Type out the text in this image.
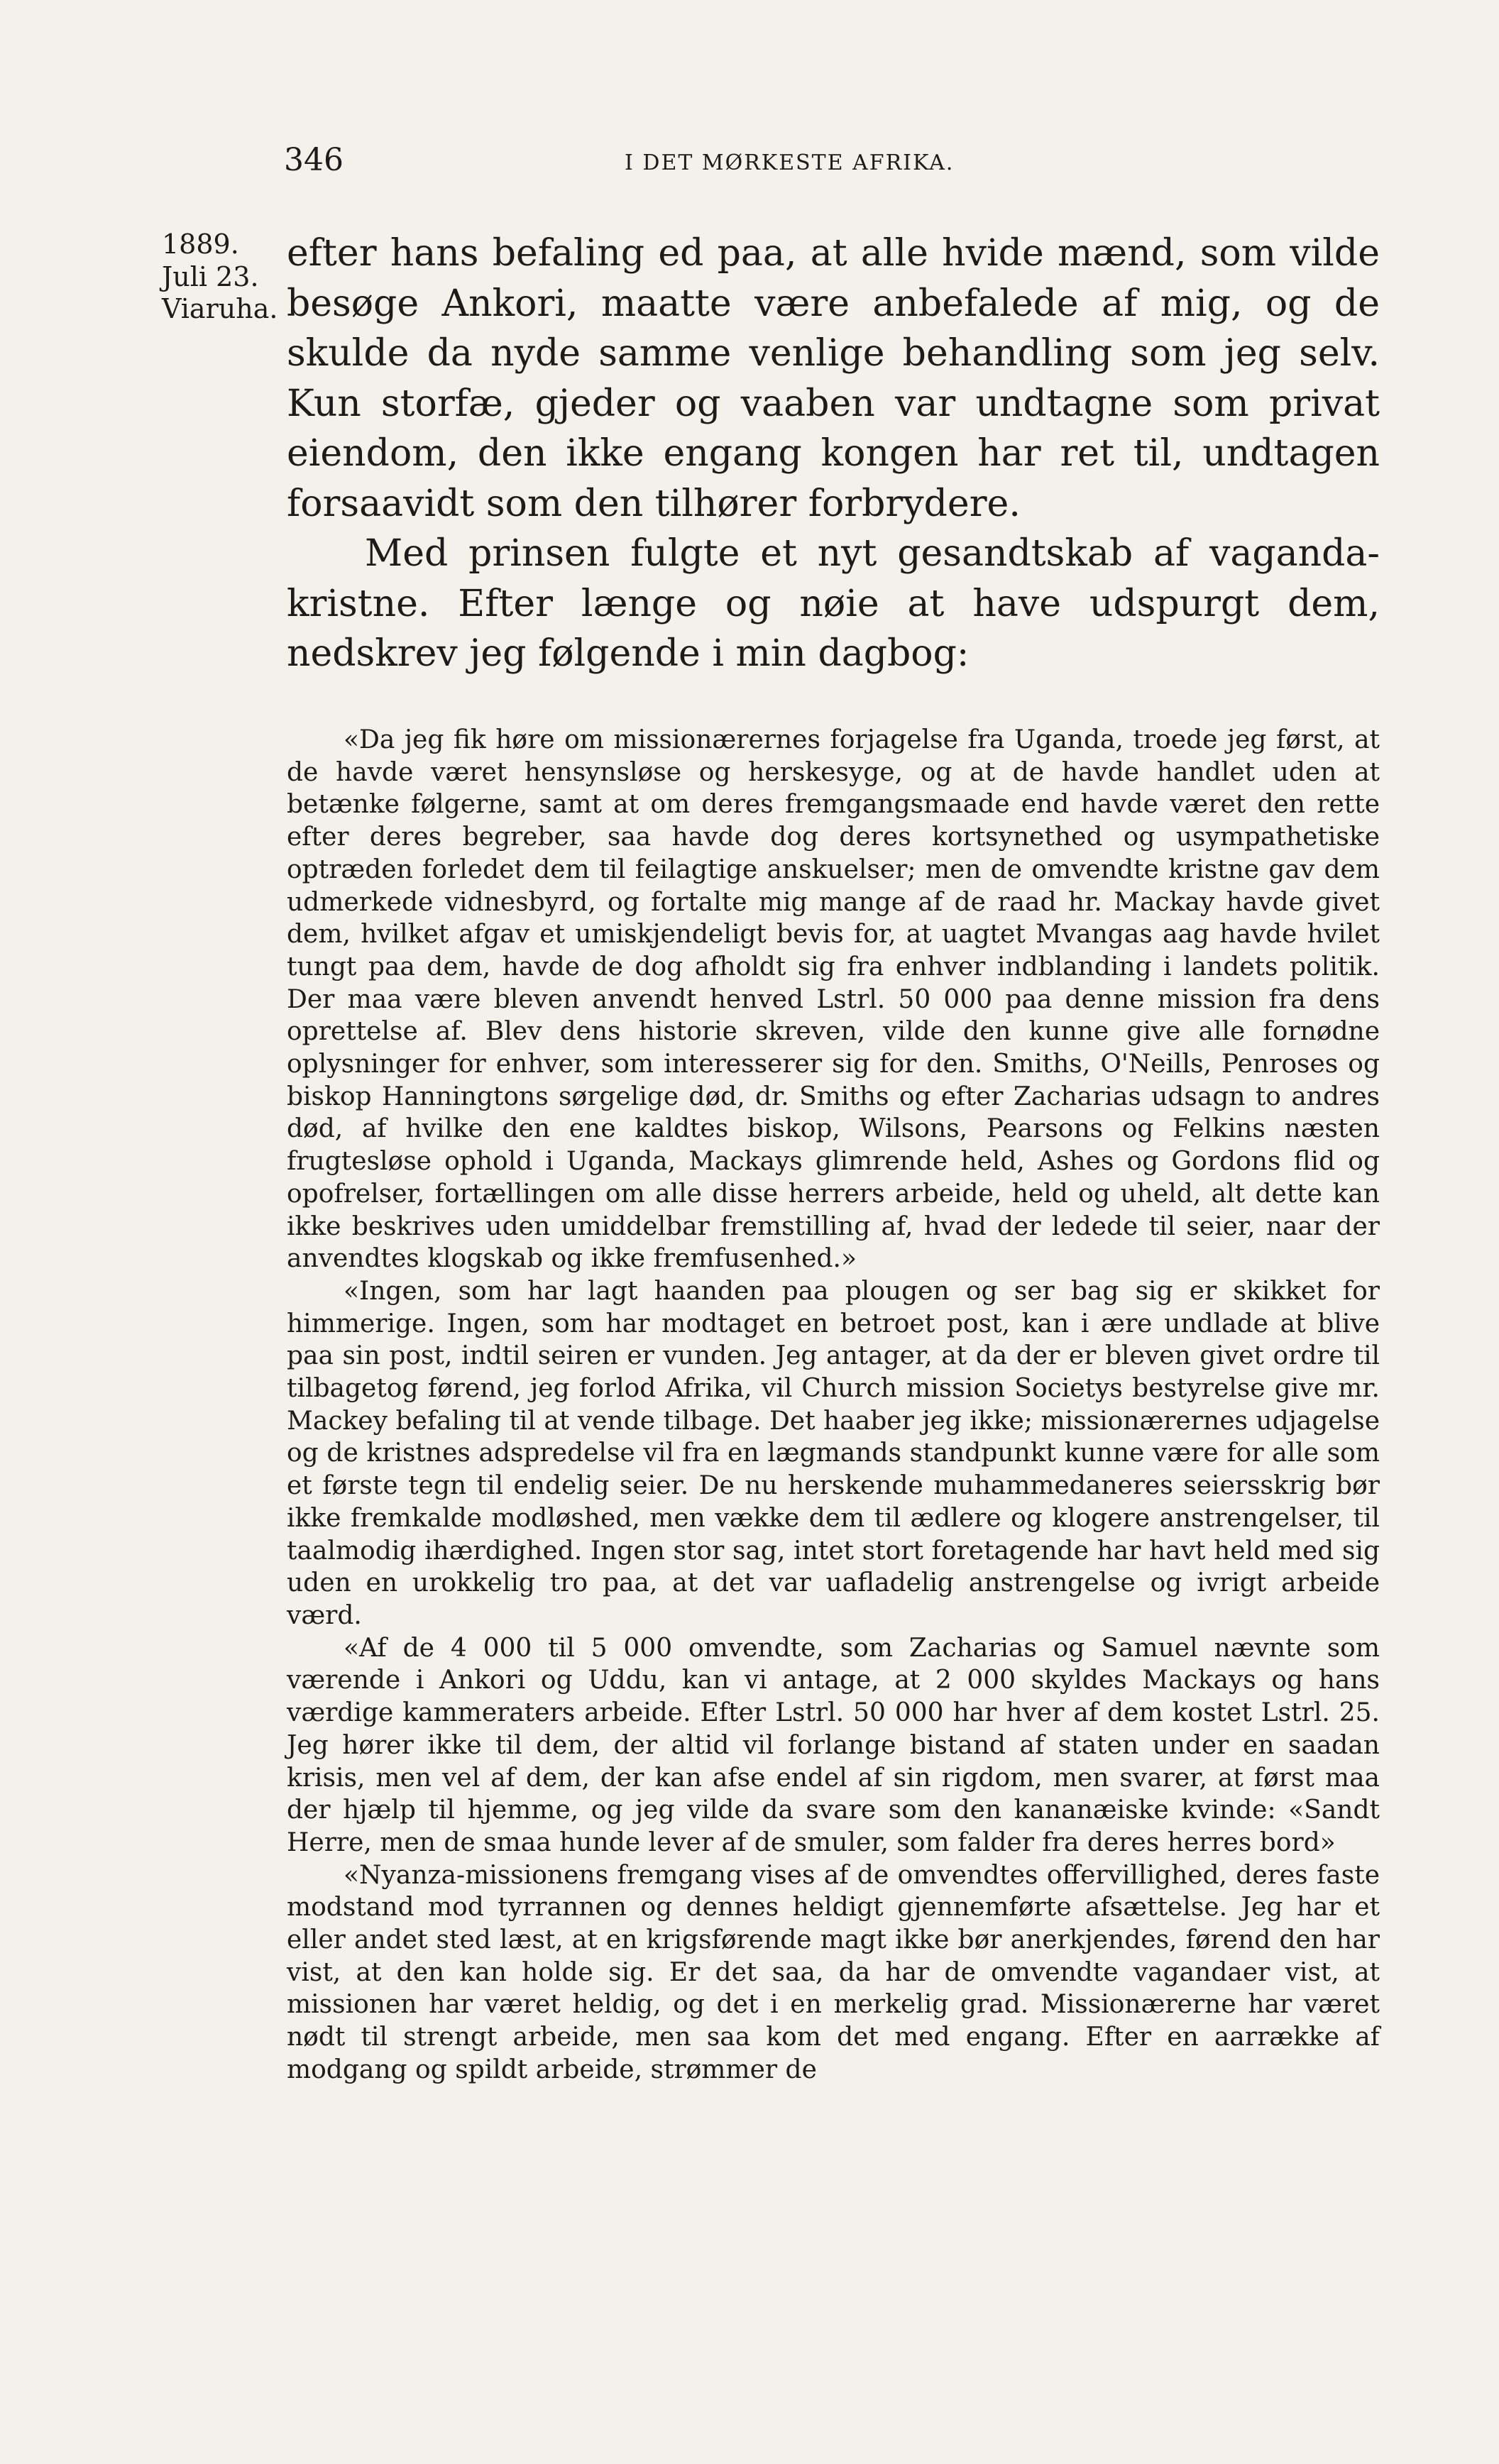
346	I DET MØRKESTE AFRIKA.
1889.
Juli 23.
Viaruha.

efter hans befaling ed paa, at alle hvide mænd, som vilde besøge Ankori, maatte være anbefalede af mig, og de skulde da nyde samme venlige behandling som jeg selv. Kun storfæ, gjeder og vaaben var undtagne som privat eiendom, den ikke engang kongen har ret til, undtagen forsaavidt som den tilhører forbrydere.

Med prinsen fulgte et nyt gesandtskab af vaganda-kristne. Efter længe og nøie at have udspurgt dem, nedskrev jeg følgende i min dagbog:

«Da jeg fik høre om missionærernes forjagelse fra Uganda, troede jeg først, at de havde været hensynsløse og herskesyge, og at de havde handlet uden at betænke følgerne, samt at om deres fremgangsmaade end havde været den rette efter deres begreber, saa havde dog deres kortsynethed og usympathetiske optræden forledet dem til feilagtige anskuelser; men de omvendte kristne gav dem udmerkede vidnesbyrd, og fortalte mig mange af de raad hr. Mackay havde givet dem, hvilket afgav et umiskjendeligt bevis for, at uagtet Mvangas aag havde hvilet tungt paa dem, havde de dog afholdt sig fra enhver indblanding i landets politik. Der maa være bleven anvendt henved Lstrl. 50 000 paa denne mission fra dens oprettelse af. Blev dens historie skreven, vilde den kunne give alle fornødne oplysninger for enhver, som interesserer sig for den. Smiths, O'Neills, Penroses og biskop Hanningtons sørgelige død, dr. Smiths og efter Zacharias udsagn to andres død, af hvilke den ene kaldtes biskop, Wilsons, Pearsons og Felkins næsten frugtesløse ophold i Uganda, Mackays glimrende held, Ashes og Gordons flid og opofrelser, fortællingen om alle disse herrers arbeide, held og uheld, alt dette kan ikke beskrives uden umiddelbar fremstilling af, hvad der ledede til seier, naar der anvendtes klogskab og ikke fremfusenhed.»

«Ingen, som har lagt haanden paa plougen og ser bag sig er skikket for himmerige. Ingen, som har modtaget en betroet post, kan i ære undlade at blive paa sin post, indtil seiren er vunden. Jeg antager, at da der er bleven givet ordre til tilbagetog førend, jeg forlod Afrika, vil Church mission Societys bestyrelse give mr. Mackey befaling til at vende tilbage. Det haaber jeg ikke; missionærernes udjagelse og de kristnes adspredelse vil fra en lægmands standpunkt kunne være for alle som et første tegn til endelig seier. De nu herskende muhammedaneres seiersskrig bør ikke fremkalde modløshed, men vække dem til ædlere og klogere anstrengelser, til taalmodig ihærdighed. Ingen stor sag, intet stort foretagende har havt held med sig uden en urokkelig tro paa, at det var uafladelig anstrengelse og ivrigt arbeide værd.

«Af de 4 000 til 5 000 omvendte, som Zacharias og Samuel nævnte som værende i Ankori og Uddu, kan vi antage, at 2 000 skyldes Mackays og hans værdige kammeraters arbeide. Efter Lstrl. 50 000 har hver af dem kostet Lstrl. 25. Jeg hører ikke til dem, der altid vil forlange bistand af staten under en saadan krisis, men vel af dem, der kan afse endel af sin rigdom, men svarer, at først maa der hjælp til hjemme, og jeg vilde da svare som den kananæiske kvinde: «Sandt Herre, men de smaa hunde lever af de smuler, som falder fra deres herres bord»

«Nyanza-missionens fremgang vises af de omvendtes offervillighed, deres faste modstand mod tyrrannen og dennes heldigt gjennemførte afsættelse. Jeg har et eller andet sted læst, at en krigsførende magt ikke bør anerkjendes, førend den har vist, at den kan holde sig. Er det saa, da har de omvendte vagandaer vist, at missionen har været heldig, og det i en merkelig grad. Missionærerne har været nødt til strengt arbeide, men saa kom det med engang. Efter en aarrække af modgang og spildt arbeide, strømmer de
